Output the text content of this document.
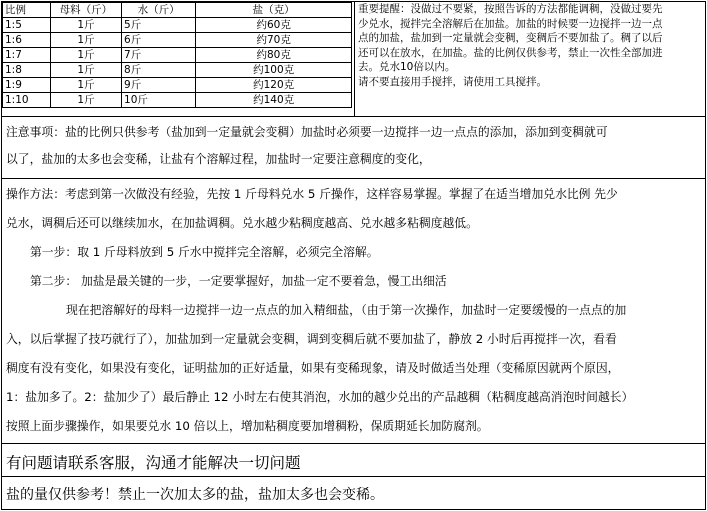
比例	母料（斤）	水（斤）	盐（克）
1:5	1斤	5斤	约60克
1:6	1斤	6斤	约70克
1:7	1斤	7斤	约80克
1:8	1斤	8斤	约100克
1:9	1斤	9斤	约120克
1:10	1斤	10斤	约140克
重要提醒：没做过不要紧，按照告诉的方法都能调稠，没做过要先
少兑水，搅拌完全溶解后在加盐。加盐的时候要一边搅拌一边一点
点的加盐，盐加到一定量就会变稠，变稠后不要加盐了。稠了以后
还可以在放水，在加盐。盐的比例仅供参考，禁止一次性全部加进
去。兑水10倍以内。
请不要直接用手搅拌，请使用工具搅拌。
注意事项：盐的比例只供参考（盐加到一定量就会变稠）加盐时必须要一边搅拌一边一点点的添加，添加到变稠就可
以了，盐加的太多也会变稀，让盐有个溶解过程，加盐时一定要注意稠度的变化，
操作方法：考虑到第一次做没有经验，先按 1 斤母料兑水 5 斤操作，这样容易掌握。掌握了在适当增加兑水比例 先少
兑水，调稠后还可以继续加水，在加盐调稠。兑水越少粘稠度越高、兑水越多粘稠度越低。
第一步：取 1 斤母料放到 5 斤水中搅拌完全溶解，必须完全溶解。
第二步： 加盐是最关键的一步，一定要掌握好，加盐一定不要着急，慢工出细活
现在把溶解好的母料一边搅拌一边一点点的加入精细盐，（由于第一次操作，加盐时一定要缓慢的一点点的加
入，以后掌握了技巧就行了），加盐加到一定量就会变稠，调到变稠后就不要加盐了，静放 2 小时后再搅拌一次，看看
稠度有没有变化，如果没有变化，证明盐加的正好适量，如果有变稀现象，请及时做适当处理（变稀原因就两个原因，
1：盐加多了。2：盐加少了）最后静止 12 小时左右使其消泡，水加的越少兑出的产品越稠（粘稠度越高消泡时间越长）
按照上面步骤操作，如果要兑水 10 倍以上，增加粘稠度要加增稠粉，保质期延长加防腐剂。
有问题请联系客服，沟通才能解决一切问题
盐的量仅供参考！禁止一次加太多的盐，盐加太多也会变稀。
